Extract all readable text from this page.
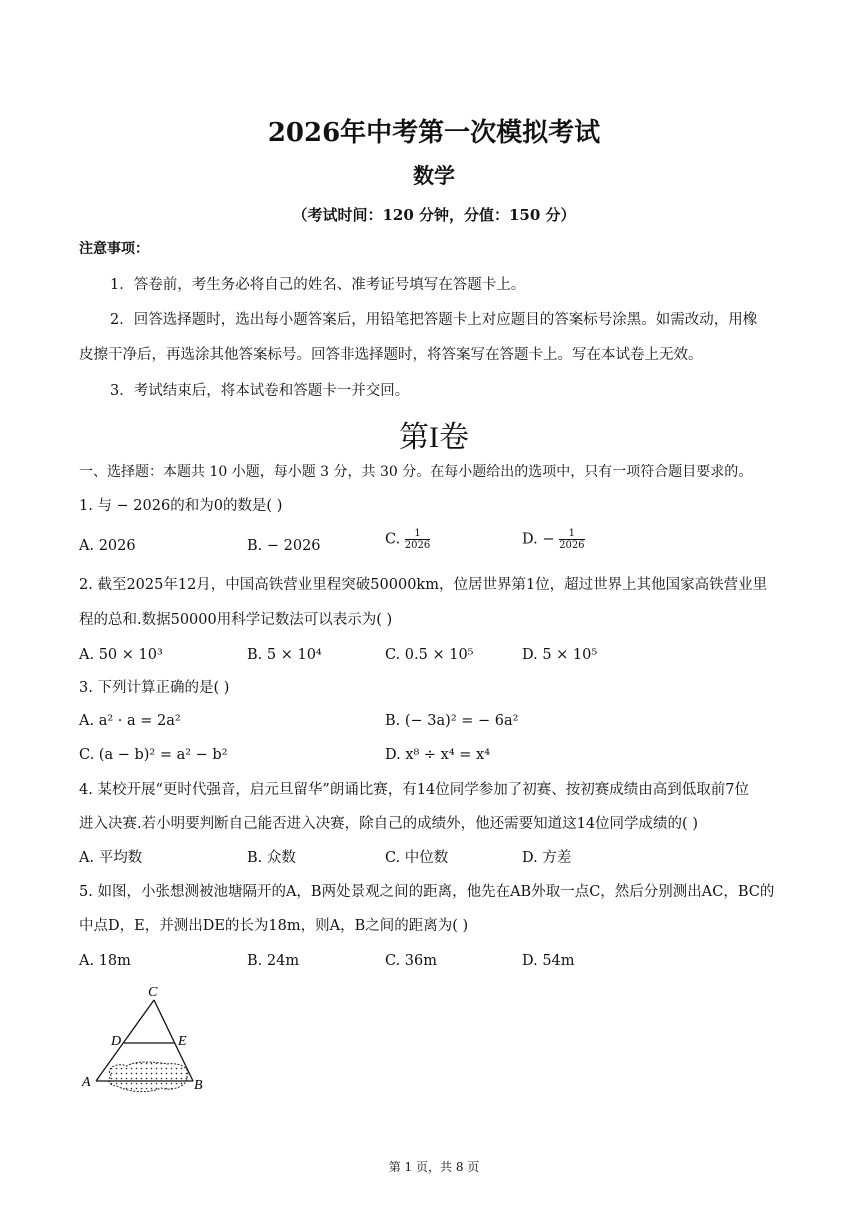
2026年中考第一次模拟考试
数学
（考试时间：120 分钟，分值：150 分）
注意事项：
1．答卷前，考生务必将自己的姓名、准考证号填写在答题卡上。
2．回答选择题时，选出每小题答案后，用铅笔把答题卡上对应题目的答案标号涂黑。如需改动，用橡
皮擦干净后，再选涂其他答案标号。回答非选择题时，将答案写在答题卡上。写在本试卷上无效。
3．考试结束后，将本试卷和答题卡一并交回。
第I卷
一、选择题：本题共 10 小题，每小题 3 分，共 30 分。在每小题给出的选项中，只有一项符合题目要求的。
1. 与 − 2026的和为0的数是( )
A. 2026	B. − 2026	C. $\frac{1}{2026}$	D. − $\frac{1}{2026}$
2. 截至2025年12月，中国高铁营业里程突破50000km，位居世界第1位，超过世界上其他国家高铁营业里
程的总和.数据50000用科学记数法可以表示为( )
A. 50 × 10³	B. 5 × 10⁴	C. 0.5 × 10⁵	D. 5 × 10⁵
3. 下列计算正确的是( )
A. a² · a = 2a²	B. (− 3a)² = − 6a²
C. (a − b)² = a² − b²	D. x⁸ ÷ x⁴ = x⁴
4. 某校开展“更时代强音，启元旦留华”朗诵比赛，有14位同学参加了初赛、按初赛成绩由高到低取前7位
进入决赛.若小明要判断自己能否进入决赛，除自己的成绩外，他还需要知道这14位同学成绩的( )
A. 平均数	B. 众数	C. 中位数	D. 方差
5. 如图，小张想测被池塘隔开的A，B两处景观之间的距离，他先在AB外取一点C，然后分别测出AC，BC的
中点D，E，并测出DE的长为18m，则A，B之间的距离为( )
A. 18m	B. 24m	C. 36m	D. 54m
C
D	E
A	B
第 1 页，共 8 页
